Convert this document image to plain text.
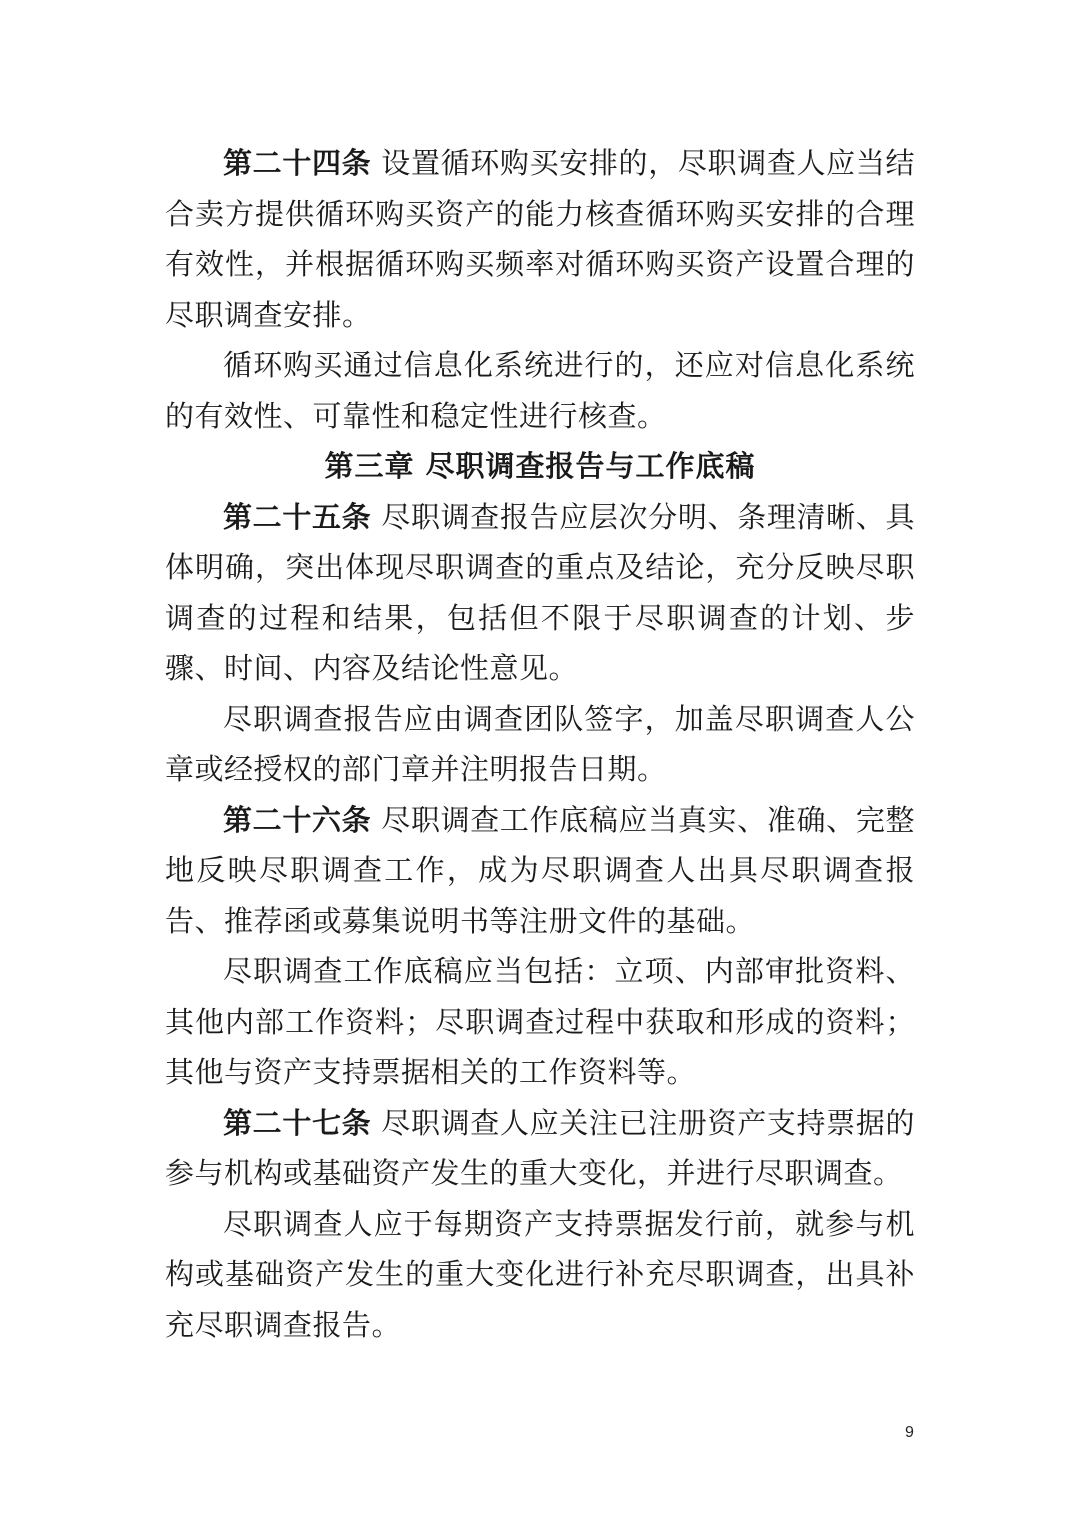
第二十四条 设置循环购买安排的，尽职调查人应当结合卖方提供循环购买资产的能力核查循环购买安排的合理有效性，并根据循环购买频率对循环购买资产设置合理的尽职调查安排。

循环购买通过信息化系统进行的，还应对信息化系统的有效性、可靠性和稳定性进行核查。

第三章 尽职调查报告与工作底稿

第二十五条 尽职调查报告应层次分明、条理清晰、具体明确，突出体现尽职调查的重点及结论，充分反映尽职调查的过程和结果，包括但不限于尽职调查的计划、步骤、时间、内容及结论性意见。

尽职调查报告应由调查团队签字，加盖尽职调查人公章或经授权的部门章并注明报告日期。

第二十六条 尽职调查工作底稿应当真实、准确、完整地反映尽职调查工作，成为尽职调查人出具尽职调查报告、推荐函或募集说明书等注册文件的基础。

尽职调查工作底稿应当包括：立项、内部审批资料、其他内部工作资料；尽职调查过程中获取和形成的资料；其他与资产支持票据相关的工作资料等。

第二十七条 尽职调查人应关注已注册资产支持票据的参与机构或基础资产发生的重大变化，并进行尽职调查。

尽职调查人应于每期资产支持票据发行前，就参与机构或基础资产发生的重大变化进行补充尽职调查，出具补充尽职调查报告。

9
